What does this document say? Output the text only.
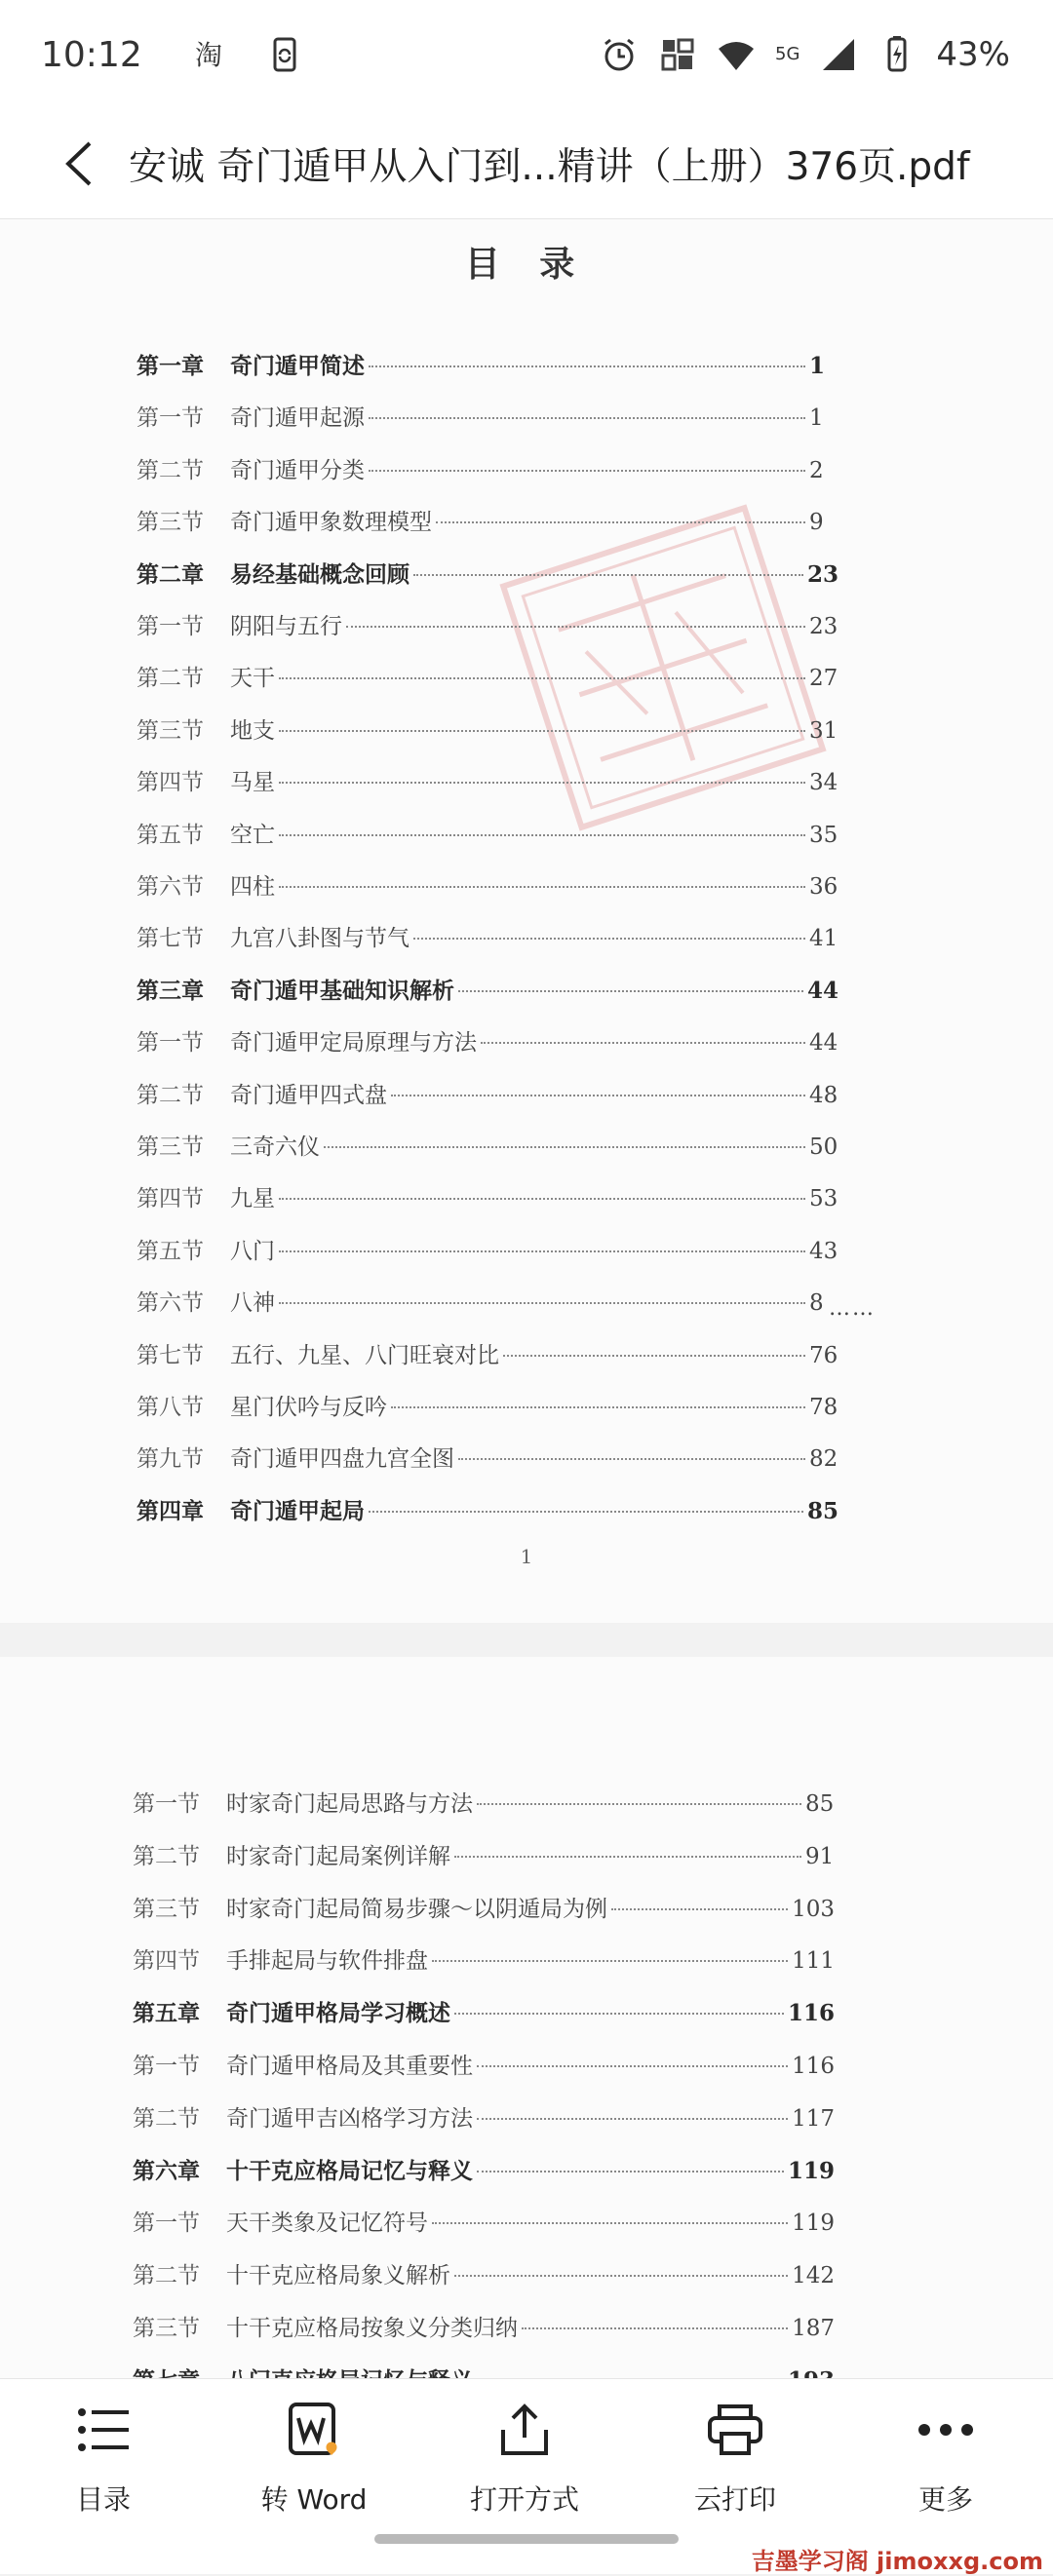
10:12 淘	5G	43%
安诚 奇门遁甲从入门到...精讲（上册）376页.pdf
目 录
第一章	奇门遁甲简述	1
第一节	奇门遁甲起源	1
第二节	奇门遁甲分类	2
第三节	奇门遁甲象数理模型	9
第二章	易经基础概念回顾	23
第一节	阴阳与五行	23
第二节	天干	27
第三节	地支	31
第四节	马星	34
第五节	空亡	35
第六节	四柱	36
第七节	九宫八卦图与节气	41
第三章	奇门遁甲基础知识解析	44
第一节	奇门遁甲定局原理与方法	44
第二节	奇门遁甲四式盘	48
第三节	三奇六仪	50
第四节	九星	53
第五节	八门	43
第六节	八神	8
第七节	五行、九星、八门旺衰对比	76
第八节	星门伏吟与反吟	78
第九节	奇门遁甲四盘九宫全图	82
第四章	奇门遁甲起局	85
……
1
第一节	时家奇门起局思路与方法	85
第二节	时家奇门起局案例详解	91
第三节	时家奇门起局简易步骤～以阴遁局为例	103
第四节	手排起局与软件排盘	111
第五章	奇门遁甲格局学习概述	116
第一节	奇门遁甲格局及其重要性	116
第二节	奇门遁甲吉凶格学习方法	117
第六章	十干克应格局记忆与释义	119
第一节	天干类象及记忆符号	119
第二节	十干克应格局象义解析	142
第三节	十干克应格局按象义分类归纳	187
目录	转 Word	打开方式	云打印	更多
吉墨学习阁 jimoxxg.com
